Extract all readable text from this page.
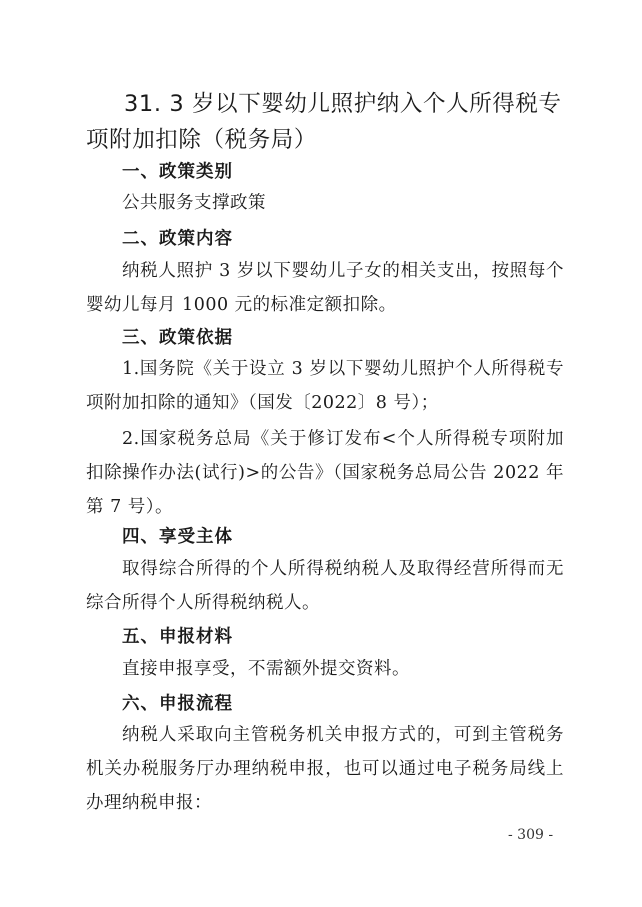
31. 3 岁以下婴幼儿照护纳入个人所得税专项附加扣除（税务局）
一、政策类别

公共服务支撑政策

二、政策内容

纳税人照护 3 岁以下婴幼儿子女的相关支出，按照每个婴幼儿每月 1000 元的标准定额扣除。

三、政策依据

1.国务院《关于设立 3 岁以下婴幼儿照护个人所得税专项附加扣除的通知》（国发〔2022〕8 号）；

2.国家税务总局《关于修订发布<个人所得税专项附加扣除操作办法(试行)>的公告》（国家税务总局公告 2022 年第 7 号）。

四、享受主体

取得综合所得的个人所得税纳税人及取得经营所得而无综合所得个人所得税纳税人。

五、申报材料

直接申报享受，不需额外提交资料。

六、申报流程

纳税人采取向主管税务机关申报方式的，可到主管税务机关办税服务厅办理纳税申报，也可以通过电子税务局线上办理纳税申报：

- 309 -
